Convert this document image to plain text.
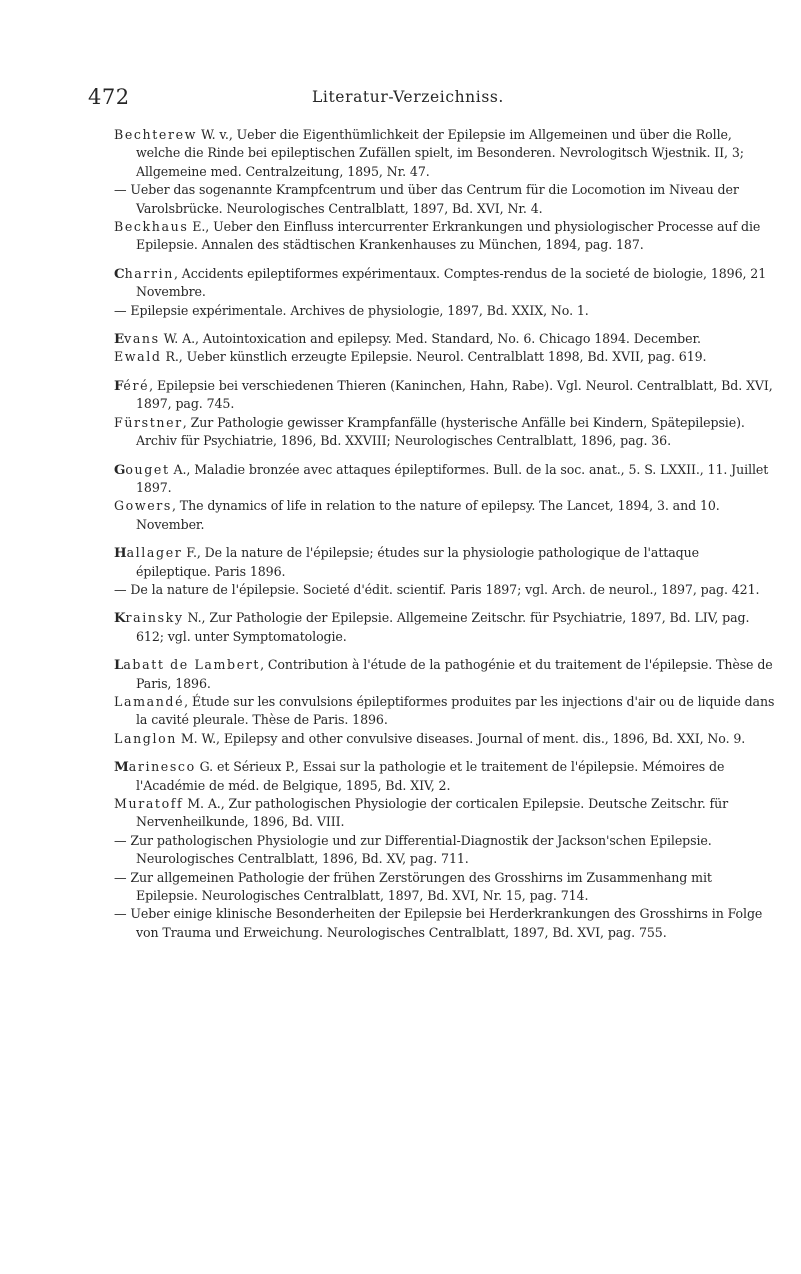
472	Literatur-Verzeichniss.
Bechterew W. v., Ueber die Eigenthümlichkeit der Epilepsie im Allgemeinen und über die Rolle, welche die Rinde bei epileptischen Zufällen spielt, im Besonderen. Nevrologitsch Wjestnik. II, 3; Allgemeine med. Centralzeitung, 1895, Nr. 47.
— Ueber das sogenannte Krampfcentrum und über das Centrum für die Locomotion im Niveau der Varolsbrücke. Neurologisches Centralblatt, 1897, Bd. XVI, Nr. 4.
Beckhaus E., Ueber den Einfluss intercurrenter Erkrankungen und physiologischer Processe auf die Epilepsie. Annalen des städtischen Krankenhauses zu München, 1894, pag. 187.
Charrin, Accidents epileptiformes expérimentaux. Comptes-rendus de la societé de biologie, 1896, 21 Novembre.
— Epilepsie expérimentale. Archives de physiologie, 1897, Bd. XXIX, No. 1.
Evans W. A., Autointoxication and epilepsy. Med. Standard, No. 6. Chicago 1894. December.
Ewald R., Ueber künstlich erzeugte Epilepsie. Neurol. Centralblatt 1898, Bd. XVII, pag. 619.
Féré, Epilepsie bei verschiedenen Thieren (Kaninchen, Hahn, Rabe). Vgl. Neurol. Centralblatt, Bd. XVI, 1897, pag. 745.
Fürstner, Zur Pathologie gewisser Krampfanfälle (hysterische Anfälle bei Kindern, Spätepilepsie). Archiv für Psychiatrie, 1896, Bd. XXVIII; Neurologisches Centralblatt, 1896, pag. 36.
Gouget A., Maladie bronzée avec attaques épileptiformes. Bull. de la soc. anat., 5. S. LXXII., 11. Juillet 1897.
Gowers, The dynamics of life in relation to the nature of epilepsy. The Lancet, 1894, 3. and 10. November.
Hallager F., De la nature de l'épilepsie; études sur la physiologie pathologique de l'attaque épileptique. Paris 1896.
— De la nature de l'épilepsie. Societé d'édit. scientif. Paris 1897; vgl. Arch. de neurol., 1897, pag. 421.
Krainsky N., Zur Pathologie der Epilepsie. Allgemeine Zeitschr. für Psychiatrie, 1897, Bd. LIV, pag. 612; vgl. unter Symptomatologie.
Labatt de Lambert, Contribution à l'étude de la pathogénie et du traitement de l'épilepsie. Thèse de Paris, 1896.
Lamandé, Étude sur les convulsions épileptiformes produites par les injections d'air ou de liquide dans la cavité pleurale. Thèse de Paris. 1896.
Langlon M. W., Epilepsy and other convulsive diseases. Journal of ment. dis., 1896, Bd. XXI, No. 9.
Marinesco G. et Sérieux P., Essai sur la pathologie et le traitement de l'épilepsie. Mémoires de l'Académie de méd. de Belgique, 1895, Bd. XIV, 2.
Muratoff M. A., Zur pathologischen Physiologie der corticalen Epilepsie. Deutsche Zeitschr. für Nervenheilkunde, 1896, Bd. VIII.
— Zur pathologischen Physiologie und zur Differential-Diagnostik der Jackson'schen Epilepsie. Neurologisches Centralblatt, 1896, Bd. XV, pag. 711.
— Zur allgemeinen Pathologie der frühen Zerstörungen des Grosshirns im Zusammenhang mit Epilepsie. Neurologisches Centralblatt, 1897, Bd. XVI, Nr. 15, pag. 714.
— Ueber einige klinische Besonderheiten der Epilepsie bei Herderkrankungen des Grosshirns in Folge von Trauma und Erweichung. Neurologisches Centralblatt, 1897, Bd. XVI, pag. 755.
